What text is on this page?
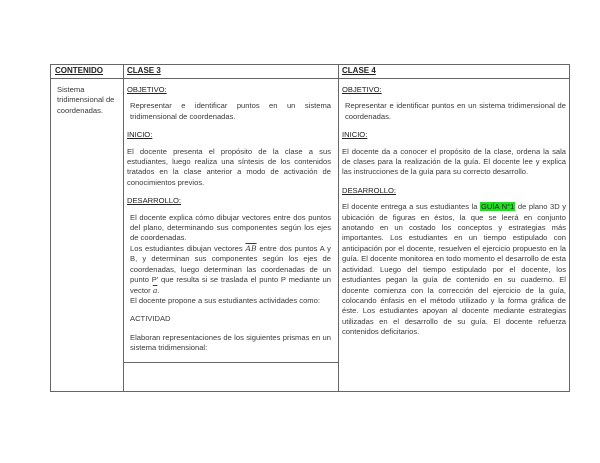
CONTENIDO	CLASE 3	CLASE 4
Sistema tridimensional de coordenadas.
OBJETIVO:
Representar e identificar puntos en un sistema tridimensional de coordenadas.
INICIO:
El docente presenta el propósito de la clase a sus estudiantes, luego realiza una síntesis de los contenidos tratados en la clase anterior a modo de activación de conocimientos previos.
DESARROLLO:
El docente explica cómo dibujar vectores entre dos puntos del plano, determinando sus componentes según los ejes de coordenadas.
Los estudiantes dibujan vectores $\overline{AB}$ entre dos puntos A y B, y determinan sus componentes según los ejes de coordenadas, luego determinan las coordenadas de un punto P' que resulta si se traslada el punto P mediante un vector $\overline{a}$.
El docente propone a sus estudiantes actividades como:
ACTIVIDAD
Elaboran representaciones de los siguientes prismas en un sistema tridimensional:
OBJETIVO:
Representar e identificar puntos en un sistema tridimensional de coordenadas.
INICIO:
El docente da a conocer el propósito de la clase, ordena la sala de clases para la realización de la guía. El docente lee y explica las instrucciones de la guía para su correcto desarrollo.
DESARROLLO:
El docente entrega a sus estudiantes la GUÍA N°1 de plano 3D y ubicación de figuras en éstos, la que se leerá en conjunto anotando en un costado los conceptos y estrategias más importantes. Los estudiantes en un tiempo estipulado con anticipación por el docente, resuelven el ejercicio propuesto en la guía. El docente monitorea en todo momento el desarrollo de esta actividad. Luego del tiempo estipulado por el docente, los estudiantes pegan la guía de contenido en su cuaderno. El docente comienza con la corrección del ejercicio de la guía, colocando énfasis en el método utilizado y la forma gráfica de éste. Los estudiantes apoyan al docente mediante estrategias utilizadas en el desarrollo de su guía. El docente refuerza contenidos deficitarios.
